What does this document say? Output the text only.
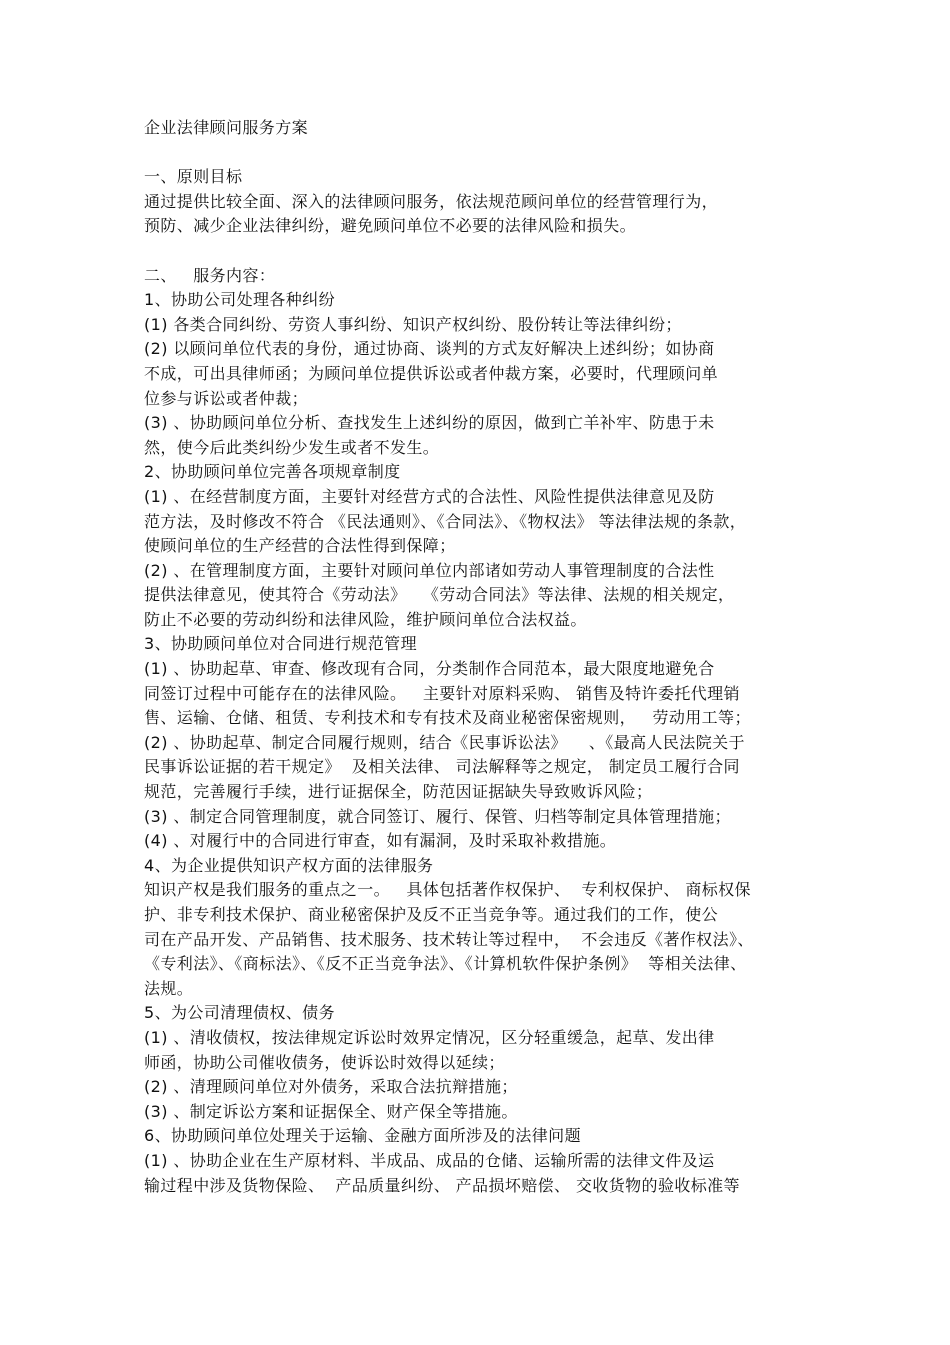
企业法律顾问服务方案
一、原则目标
通过提供比较全面、深入的法律顾问服务，依法规范顾问单位的经营管理行为，
预防、减少企业法律纠纷，避免顾问单位不必要的法律风险和损失。
二、   服务内容：
1、协助公司处理各种纠纷
(1) 各类合同纠纷、劳资人事纠纷、知识产权纠纷、股份转让等法律纠纷；
(2) 以顾问单位代表的身份，通过协商、谈判的方式友好解决上述纠纷；如协商
不成，可出具律师函；为顾问单位提供诉讼或者仲裁方案，必要时，代理顾问单
位参与诉讼或者仲裁；
(3) 、协助顾问单位分析、查找发生上述纠纷的原因，做到亡羊补牢、防患于未
然，使今后此类纠纷少发生或者不发生。
2、协助顾问单位完善各项规章制度
(1) 、在经营制度方面，主要针对经营方式的合法性、风险性提供法律意见及防
范方法，及时修改不符合 《民法通则》、《合同法》、《物权法》 等法律法规的条款，
使顾问单位的生产经营的合法性得到保障；
(2) 、在管理制度方面，主要针对顾问单位内部诸如劳动人事管理制度的合法性
提供法律意见，使其符合《劳动法》   《劳动合同法》等法律、法规的相关规定，
防止不必要的劳动纠纷和法律风险，维护顾问单位合法权益。
3、协助顾问单位对合同进行规范管理
(1) 、协助起草、审查、修改现有合同，分类制作合同范本，最大限度地避免合
同签订过程中可能存在的法律风险。   主要针对原料采购、 销售及特许委托代理销
售、运输、仓储、租赁、专利技术和专有技术及商业秘密保密规则，   劳动用工等；
(2) 、协助起草、制定合同履行规则，结合《民事诉讼法》    、《最高人民法院关于
民事诉讼证据的若干规定》  及相关法律、 司法解释等之规定， 制定员工履行合同
规范，完善履行手续，进行证据保全，防范因证据缺失导致败诉风险；
(3) 、制定合同管理制度，就合同签订、履行、保管、归档等制定具体管理措施；
(4) 、对履行中的合同进行审查，如有漏洞，及时采取补救措施。
4、为企业提供知识产权方面的法律服务
知识产权是我们服务的重点之一。   具体包括著作权保护、  专利权保护、 商标权保
护、非专利技术保护、商业秘密保护及反不正当竞争等。通过我们的工作，使公
司在产品开发、产品销售、技术服务、技术转让等过程中，  不会违反《著作权法》、
《专利法》、《商标法》、《反不正当竞争法》、《计算机软件保护条例》  等相关法律、
法规。
5、为公司清理债权、债务
(1) 、清收债权，按法律规定诉讼时效界定情况，区分轻重缓急，起草、发出律
师函，协助公司催收债务，使诉讼时效得以延续；
(2) 、清理顾问单位对外债务，采取合法抗辩措施；
(3) 、制定诉讼方案和证据保全、财产保全等措施。
6、协助顾问单位处理关于运输、金融方面所涉及的法律问题
(1) 、协助企业在生产原材料、半成品、成品的仓储、运输所需的法律文件及运
输过程中涉及货物保险、  产品质量纠纷、 产品损坏赔偿、 交收货物的验收标准等
